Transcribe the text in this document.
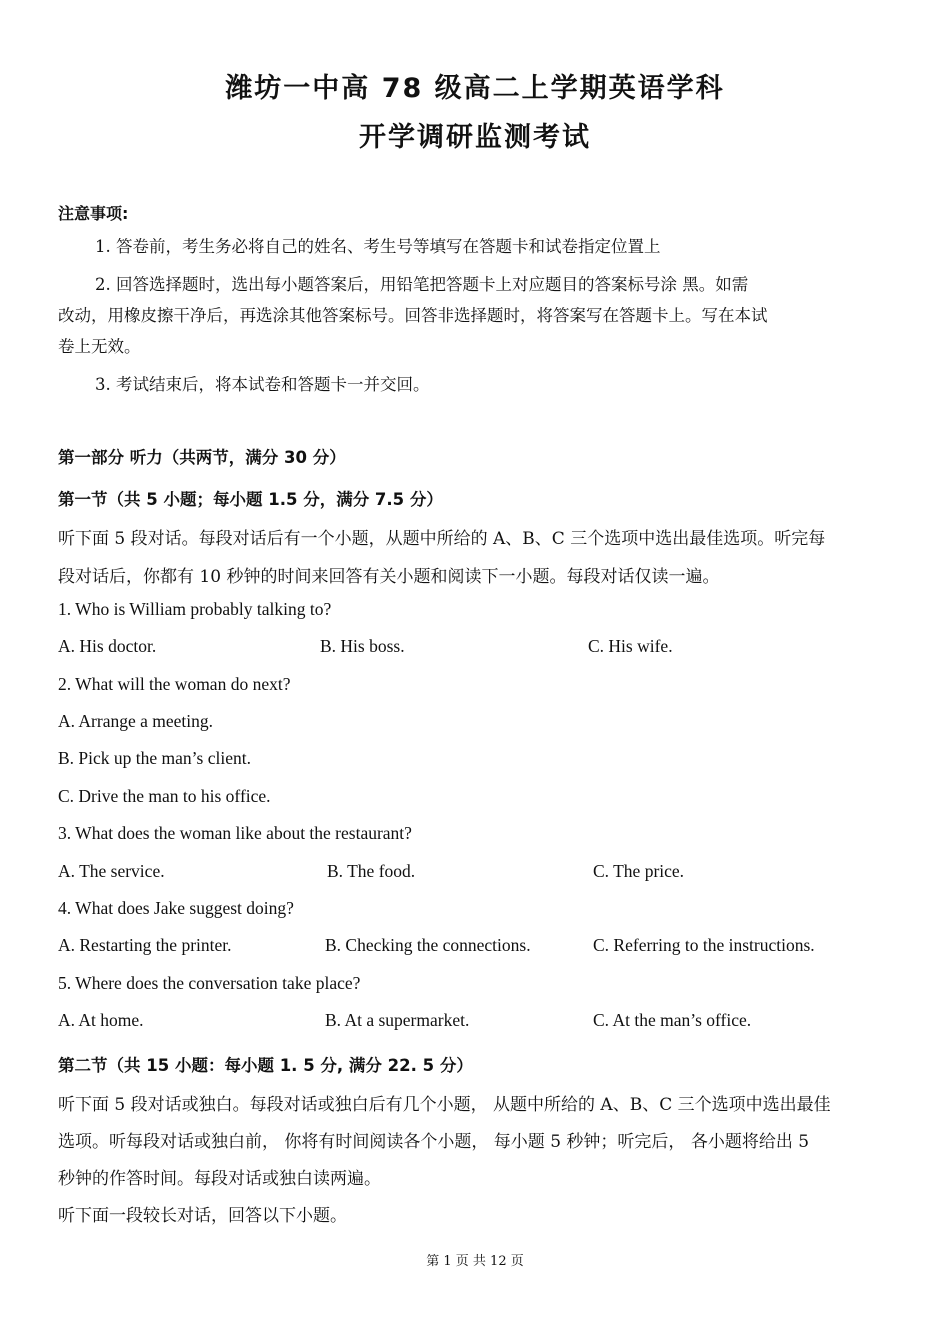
潍坊一中高 78 级高二上学期英语学科
开学调研监测考试
注意事项:
1. 答卷前，考生务必将自己的姓名、考生号等填写在答题卡和试卷指定位置上
2. 回答选择题时，选出每小题答案后，用铅笔把答题卡上对应题目的答案标号涂 黑。如需
改动，用橡皮擦干净后，再选涂其他答案标号。回答非选择题时，将答案写在答题卡上。写在本试
卷上无效。
3. 考试结束后，将本试卷和答题卡一并交回。
第一部分 听力（共两节，满分 30 分）
第一节（共 5 小题；每小题 1.5 分，满分 7.5 分）
听下面 5 段对话。每段对话后有一个小题，从题中所给的 A、B、C 三个选项中选出最佳选项。听完每
段对话后，你都有 10 秒钟的时间来回答有关小题和阅读下一小题。每段对话仅读一遍。
1. Who is William probably talking to?
A. His doctor.	B. His boss.	C. His wife.
2. What will the woman do next?
A. Arrange a meeting.
B. Pick up the man’s client.
C. Drive the man to his office.
3. What does the woman like about the restaurant?
A. The service.	B. The food.	C. The price.
4. What does Jake suggest doing?
A. Restarting the printer.	B. Checking the connections.	C. Referring to the instructions.
5. Where does the conversation take place?
A. At home.	B. At a supermarket.	C. At the man’s office.
第二节（共 15 小题：每小题 1. 5 分, 满分 22. 5 分）
听下面 5 段对话或独白。每段对话或独白后有几个小题， 从题中所给的 A、B、C 三个选项中选出最佳
选项。听每段对话或独白前， 你将有时间阅读各个小题， 每小题 5 秒钟；听完后， 各小题将给出 5
秒钟的作答时间。每段对话或独白读两遍。
听下面一段较长对话，回答以下小题。
第 1 页 共 12 页
